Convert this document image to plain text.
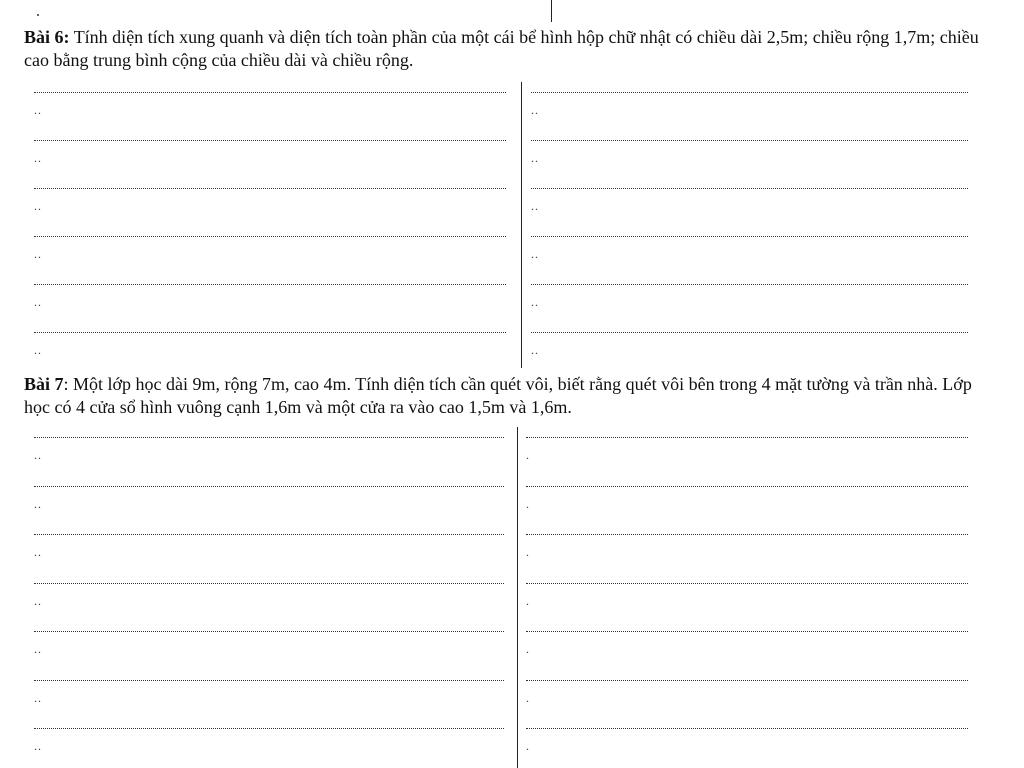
Bài 6: Tính diện tích xung quanh và diện tích toàn phần của một cái bể hình hộp chữ nhật có chiều dài 2,5m; chiều rộng 1,7m; chiều cao bằng trung bình cộng của chiều dài và chiều rộng.

..
..
..
..
..
..
..
..
..
..
..
..

Bài 7: Một lớp học dài 9m, rộng 7m, cao 4m. Tính diện tích cần quét vôi, biết rằng quét vôi bên trong 4 mặt tường và trần nhà. Lớp học có 4 cửa sổ hình vuông cạnh 1,6m và một cửa ra vào cao 1,5m và 1,6m.

..
..
..
..
..
..
..
.
.
.
.
.
.
.
